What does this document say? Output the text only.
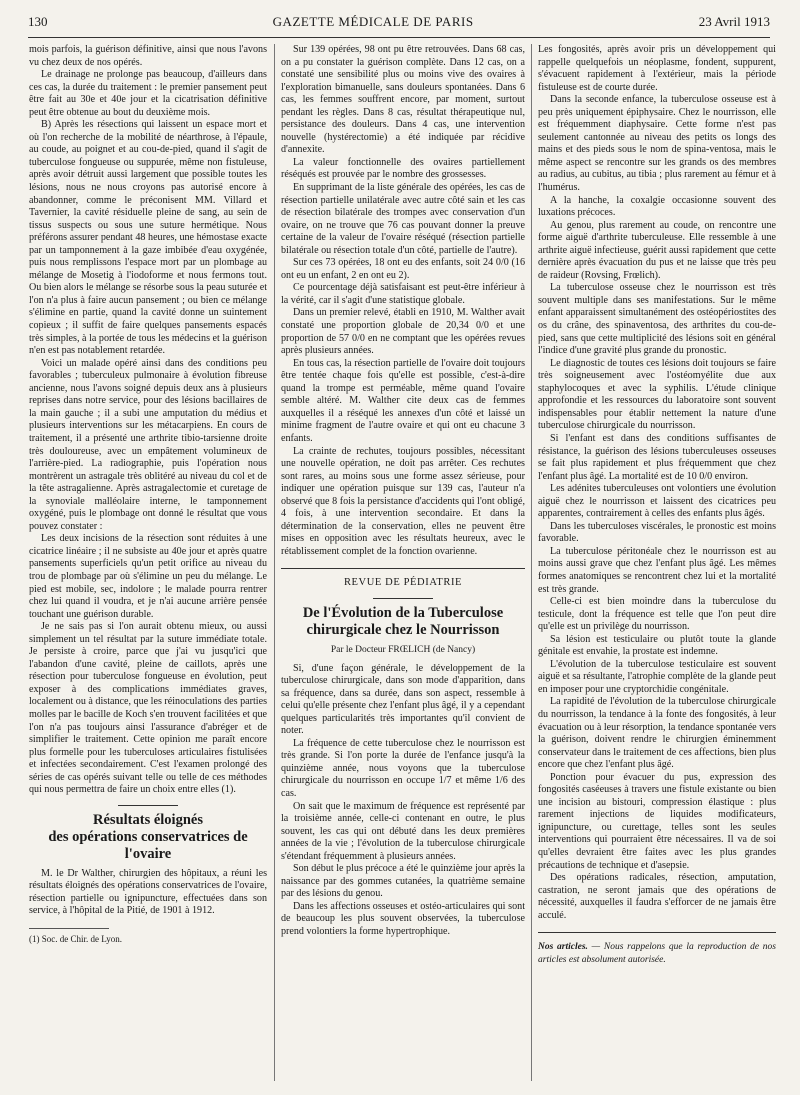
130	GAZETTE MÉDICALE DE PARIS	23 Avril 1913

mois parfois, la guérison définitive, ainsi que nous l'avons vu chez deux de nos opérés.

Le drainage ne prolonge pas beaucoup, d'ailleurs dans ces cas, la durée du traitement : le premier pansement peut être fait au 30e et 40e jour et la cicatrisation définitive peut être obtenue au bout du deuxième mois.

B) Après les résections qui laissent un espace mort et où l'on recherche de la mobilité de néarthrose, à l'épaule, au coude, au poignet et au cou-de-pied, quand il s'agit de tuberculose fongueuse ou suppurée, même non fistuleuse, après avoir détruit aussi largement que possible toutes les lésions, nous ne nous croyons pas autorisé encore à abandonner, comme le préconisent MM. Villard et Tavernier, la cavité résiduelle pleine de sang, au sein de tissus suspects ou sous une suture hermétique. Nous préférons assurer pendant 48 heures, une hémostase exacte par un tamponnement à la gaze imbibée d'eau oxygénée, puis nous remplissons l'espace mort par un plombage au mélange de Mosetig à l'iodoforme et nous fermons tout. Ou bien alors le mélange se résorbe sous la peau suturée et l'on n'a plus à faire aucun pansement ; ou bien ce mélange s'élimine en partie, quand la cavité donne un suintement copieux ; il suffit de faire quelques pansements espacés très simples, à la portée de tous les médecins et la guérison n'en est pas notablement retardée.

Voici un malade opéré ainsi dans des conditions peu favorables ; tuberculeux pulmonaire à évolution fibreuse ancienne, nous l'avons soigné depuis deux ans à plusieurs reprises dans notre service, pour des lésions bacillaires de la main gauche ; il a subi une amputation du médius et plusieurs interventions sur les métacarpiens. En cours de traitement, il a présenté une arthrite tibio-tarsienne droite très douloureuse, avec un empâtement volumineux de l'arrière-pied. La radiographie, puis l'opération nous montrèrent un astragale très oblitéré au niveau du col et de la tête astragalienne. Après astragalectomie et curetage de la synoviale malléolaire interne, le tamponnement oxygéné, puis le plombage ont donné le résultat que vous pouvez constater :

Les deux incisions de la résection sont réduites à une cicatrice linéaire ; il ne subsiste au 40e jour et après quatre pansements superficiels qu'un petit orifice au niveau du trou de plombage par où s'élimine un peu du mélange. Le pied est mobile, sec, indolore ; le malade pourra rentrer chez lui quand il voudra, et je n'ai aucune arrière pensée touchant une guérison durable.

Je ne sais pas si l'on aurait obtenu mieux, ou aussi simplement un tel résultat par la suture immédiate totale. Je persiste à croire, parce que j'ai vu jusqu'ici que l'abandon d'une cavité, pleine de caillots, après une résection pour tuberculose fongueuse en évolution, peut exposer à des complications immédiates graves, localement ou à distance, que les réinoculations des parties molles par le bacille de Koch s'en trouvent facilitées et que l'on n'a pas toujours ainsi l'assurance d'abréger et de simplifier le traitement. Cette opinion me paraît encore plus formelle pour les tuberculoses articulaires fistulisées et infectées secondairement. C'est l'examen prolongé des séries de cas opérés suivant telle ou telle de ces méthodes qui nous permettra de faire un choix entre elles (1).

Résultats éloignés
des opérations conservatrices de l'ovaire

M. le Dr Walther, chirurgien des hôpitaux, a réuni les résultats éloignés des opérations conservatrices de l'ovaire, résection partielle ou ignipuncture, effectuées dans son service, à l'hôpital de la Pitié, de 1901 à 1912.

(1) Soc. de Chir. de Lyon.

Sur 139 opérées, 98 ont pu être retrouvées. Dans 68 cas, on a pu constater la guérison complète. Dans 12 cas, on a constaté une sensibilité plus ou moins vive des ovaires à l'exploration bimanuelle, sans douleurs spontanées. Dans 6 cas, les femmes souffrent encore, par moment, surtout pendant les règles. Dans 8 cas, résultat thérapeutique nul, persistance des douleurs. Dans 4 cas, une intervention nouvelle (hystérectomie) a été indiquée par récidive d'annexite.

La valeur fonctionnelle des ovaires partiellement réséqués est prouvée par le nombre des grossesses.

En supprimant de la liste générale des opérées, les cas de résection partielle unilatérale avec autre côté sain et les cas de résection bilatérale des trompes avec conservation d'un ovaire, on ne trouve que 76 cas pouvant donner la preuve certaine de la valeur de l'ovaire réséqué (résection partielle bilatérale ou résection totale d'un côté, partielle de l'autre).

Sur ces 73 opérées, 18 ont eu des enfants, soit 24 0/0 (16 ont eu un enfant, 2 en ont eu 2).

Ce pourcentage déjà satisfaisant est peut-être inférieur à la vérité, car il s'agit d'une statistique globale.

Dans un premier relevé, établi en 1910, M. Walther avait constaté une proportion globale de 20,34 0/0 et une proportion de 57 0/0 en ne comptant que les opérées revues après plusieurs années.

En tous cas, la résection partielle de l'ovaire doit toujours être tentée chaque fois qu'elle est possible, c'est-à-dire quand la trompe est perméable, même quand l'ovaire semble altéré. M. Walther cite deux cas de femmes auxquelles il a réséqué les annexes d'un côté et laissé un minime fragment de l'autre ovaire et qui ont eu chacune 3 enfants.

La crainte de rechutes, toujours possibles, nécessitant une nouvelle opération, ne doit pas arrêter. Ces rechutes sont rares, au moins sous une forme assez sérieuse, pour indiquer une opération puisque sur 139 cas, l'auteur n'a observé que 8 fois la persistance d'accidents qui l'ont obligé, 4 fois, à une intervention secondaire. Et dans la détermination de la conservation, elles ne peuvent être mises en opposition avec les résultats heureux, avec le rétablissement complet de la fonction ovarienne.

REVUE DE PÉDIATRIE
De l'Évolution de la Tuberculose
chirurgicale chez le Nourrisson
Par le Docteur FRŒLICH (de Nancy)

Si, d'une façon générale, le développement de la tuberculose chirurgicale, dans son mode d'apparition, dans sa fréquence, dans sa durée, dans son aspect, ressemble à celui qu'elle présente chez l'enfant plus âgé, il y a cependant quelques particularités très importantes qu'il convient de noter.

La fréquence de cette tuberculose chez le nourrisson est très grande. Si l'on porte la durée de l'enfance jusqu'à la quinzième année, nous voyons que la tuberculose chirurgicale du nourrisson en occupe 1/7 et même 1/6 des cas.

On sait que le maximum de fréquence est représenté par la troisième année, celle-ci contenant en outre, le plus souvent, les cas qui ont débuté dans les deux premières années de la vie ; l'évolution de la tuberculose chirurgicale s'étendant fréquemment à plusieurs années.

Son début le plus précoce a été le quinzième jour après la naissance par des gommes cutanées, la quatrième semaine par des lésions du genou.

Dans les affections osseuses et ostéo-articulaires qui sont de beaucoup les plus souvent observées, la tuberculose prend volontiers la forme hypertrophique.

Les fongosités, après avoir pris un développement qui rappelle quelquefois un néoplasme, fondent, suppurent, s'évacuent rapidement à l'extérieur, mais la période fistuleuse est de courte durée.

Dans la seconde enfance, la tuberculose osseuse est à peu près uniquement épiphysaire. Chez le nourrisson, elle est fréquemment diaphysaire. Cette forme n'est pas seulement cantonnée au niveau des petits os longs des mains et des pieds sous le nom de spina-ventosa, mais le même aspect se rencontre sur les grands os des membres au radius, au cubitus, au tibia ; plus rarement au fémur et à l'humérus.

A la hanche, la coxalgie occasionne souvent des luxations précoces.

Au genou, plus rarement au coude, on rencontre une forme aiguë d'arthrite tuberculeuse. Elle ressemble à une arthrite aiguë infectieuse, guérit aussi rapidement que cette dernière après évacuation du pus et ne laisse que très peu de raideur (Rovsing, Frœlich).

La tuberculose osseuse chez le nourrisson est très souvent multiple dans ses manifestations. Sur le même enfant apparaissent simultanément des ostéopériostites des os du crâne, des spinaventosa, des arthrites du cou-de-pied, sans que cette multiplicité des lésions soit en général l'indice d'une gravité plus grande du pronostic.

Le diagnostic de toutes ces lésions doit toujours se faire très soigneusement avec l'ostéomyélite due aux staphylocoques et avec la syphilis. L'étude clinique approfondie et les ressources du laboratoire sont souvent indispensables pour établir nettement la nature d'une tuberculose chirurgicale du nourrisson.

Si l'enfant est dans des conditions suffisantes de résistance, la guérison des lésions tuberculeuses osseuses se fait plus rapidement et plus fréquemment que chez l'enfant plus âgé. La mortalité est de 10 0/0 environ.

Les adénites tuberculeuses ont volontiers une évolution aiguë chez le nourrisson et laissent des cicatrices peu apparentes, contrairement à celles des enfants plus âgés.

Dans les tuberculoses viscérales, le pronostic est moins favorable.

La tuberculose péritonéale chez le nourrisson est au moins aussi grave que chez l'enfant plus âgé. Les mêmes formes anatomiques se rencontrent chez lui et la mortalité est très grande.

Celle-ci est bien moindre dans la tuberculose du testicule, dont la fréquence est telle que l'on peut dire qu'elle est un privilège du nourrisson.

Sa lésion est testiculaire ou plutôt toute la glande génitale est envahie, la prostate est indemne.

L'évolution de la tuberculose testiculaire est souvent aiguë et sa résultante, l'atrophie complète de la glande peut en imposer pour une cryptorchidie congénitale.

La rapidité de l'évolution de la tuberculose chirurgicale du nourrisson, la tendance à la fonte des fongosités, à leur évacuation ou à leur résorption, la tendance spontanée vers la guérison, doivent rendre le chirurgien éminemment conservateur dans le traitement de ces affections, bien plus encore que chez l'enfant plus âgé.

Ponction pour évacuer du pus, expression des fongosités caséeuses à travers une fistule existante ou bien une incision au bistouri, compression élastique : plus rarement injections de liquides modificateurs, ignipuncture, ou curettage, telles sont les seules interventions qui pourraient être nécessaires. Il va de soi qu'elles devraient être faites avec les plus grandes précautions de technique et d'asepsie.

Des opérations radicales, résection, amputation, castration, ne seront jamais que des opérations de nécessité, auxquelles il faudra s'efforcer de ne jamais être acculé.

Nos articles. — Nous rappelons que la reproduction de nos articles est absolument autorisée.
